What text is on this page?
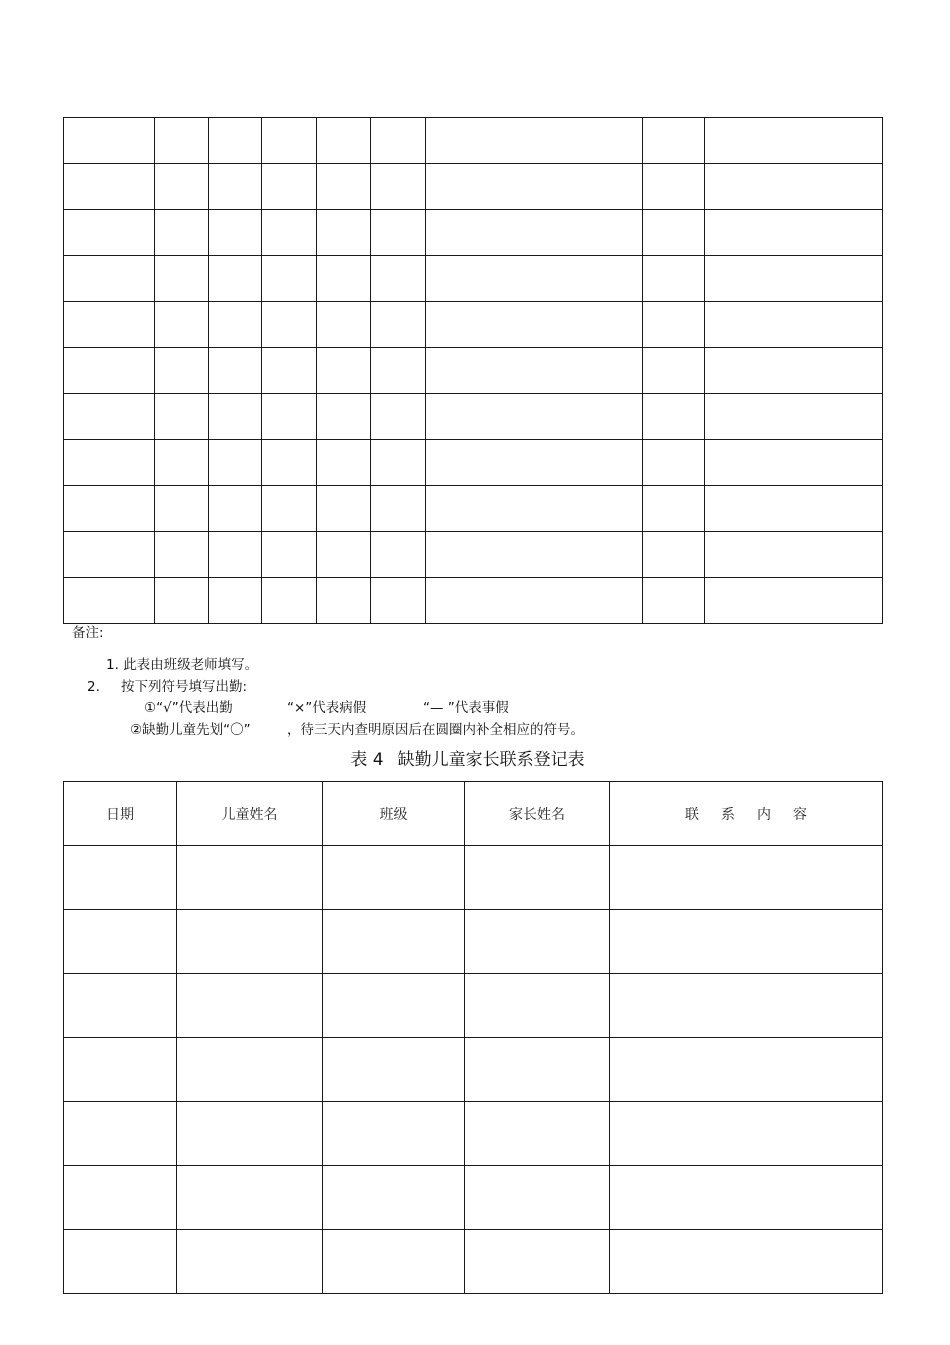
备注:
1. 此表由班级老师填写。
2. 按下列符号填写出勤:
①“√”代表出勤	“×”代表病假	“— ”代表事假
②缺勤儿童先划“〇”	，待三天内查明原因后在圆圈内补全相应的符号。
表 4 缺勤儿童家长联系登记表
日期	儿童姓名	班级	家长姓名	联系内容
